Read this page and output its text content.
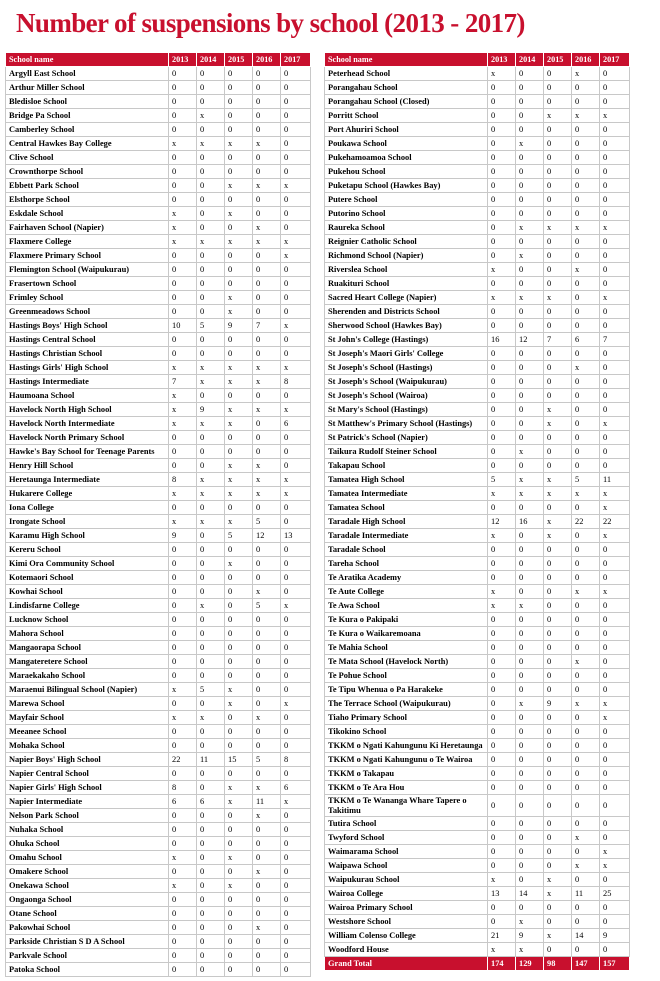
Number of suspensions by school (2013 - 2017)
School name	2013	2014	2015	2016	2017
Argyll East School	0	0	0	0	0
Arthur Miller School	0	0	0	0	0
Bledisloe School	0	0	0	0	0
Bridge Pa School	0	x	0	0	0
Camberley School	0	0	0	0	0
Central Hawkes Bay College	x	x	x	x	0
Clive School	0	0	0	0	0
Crownthorpe School	0	0	0	0	0
Ebbett Park School	0	0	x	x	x
Elsthorpe School	0	0	0	0	0
Eskdale School	x	0	x	0	0
Fairhaven School (Napier)	x	0	0	x	0
Flaxmere College	x	x	x	x	x
Flaxmere Primary School	0	0	0	0	x
Flemington School (Waipukurau)	0	0	0	0	0
Frasertown School	0	0	0	0	0
Frimley School	0	0	x	0	0
Greenmeadows School	0	0	x	0	0
Hastings Boys' High School	10	5	9	7	x
Hastings Central School	0	0	0	0	0
Hastings Christian School	0	0	0	0	0
Hastings Girls' High School	x	x	x	x	x
Hastings Intermediate	7	x	x	x	8
Haumoana School	x	0	0	0	0
Havelock North High School	x	9	x	x	x
Havelock North Intermediate	x	x	x	0	6
Havelock North Primary School	0	0	0	0	0
Hawke's Bay School for Teenage Parents	0	0	0	0	0
Henry Hill School	0	0	x	x	0
Heretaunga Intermediate	8	x	x	x	x
Hukarere College	x	x	x	x	x
Iona College	0	0	0	0	0
Irongate School	x	x	x	5	0
Karamu High School	9	0	5	12	13
Kereru School	0	0	0	0	0
Kimi Ora Community School	0	0	x	0	0
Kotemaori School	0	0	0	0	0
Kowhai School	0	0	0	x	0
Lindisfarne College	0	x	0	5	x
Lucknow School	0	0	0	0	0
Mahora School	0	0	0	0	0
Mangaorapa School	0	0	0	0	0
Mangateretere School	0	0	0	0	0
Maraekakaho School	0	0	0	0	0
Maraenui Bilingual School (Napier)	x	5	x	0	0
Marewa School	0	0	x	0	x
Mayfair School	x	x	0	x	0
Meeanee School	0	0	0	0	0
Mohaka School	0	0	0	0	0
Napier Boys' High School	22	11	15	5	8
Napier Central School	0	0	0	0	0
Napier Girls' High School	8	0	x	x	6
Napier Intermediate	6	6	x	11	x
Nelson Park School	0	0	0	x	0
Nuhaka School	0	0	0	0	0
Ohuka School	0	0	0	0	0
Omahu School	x	0	x	0	0
Omakere School	0	0	0	x	0
Onekawa School	x	0	x	0	0
Ongaonga School	0	0	0	0	0
Otane School	0	0	0	0	0
Pakowhai School	0	0	0	x	0
Parkside Christian S D A School	0	0	0	0	0
Parkvale School	0	0	0	0	0
Patoka School	0	0	0	0	0
School name	2013	2014	2015	2016	2017
Peterhead School	x	0	0	x	0
Porangahau School	0	0	0	0	0
Porangahau School (Closed)	0	0	0	0	0
Porritt School	0	0	x	x	x
Port Ahuriri School	0	0	0	0	0
Poukawa School	0	x	0	0	0
Pukehamoamoa School	0	0	0	0	0
Pukehou School	0	0	0	0	0
Puketapu School (Hawkes Bay)	0	0	0	0	0
Putere School	0	0	0	0	0
Putorino School	0	0	0	0	0
Raureka School	0	x	x	x	x
Reignier Catholic School	0	0	0	0	0
Richmond School (Napier)	0	x	0	0	0
Riverslea School	x	0	0	x	0
Ruakituri School	0	0	0	0	0
Sacred Heart College (Napier)	x	x	x	0	x
Sherenden and Districts School	0	0	0	0	0
Sherwood School (Hawkes Bay)	0	0	0	0	0
St John's College (Hastings)	16	12	7	6	7
St Joseph's Maori Girls' College	0	0	0	0	0
St Joseph's School (Hastings)	0	0	0	x	0
St Joseph's School (Waipukurau)	0	0	0	0	0
St Joseph's School (Wairoa)	0	0	0	0	0
St Mary's School (Hastings)	0	0	x	0	0
St Matthew's Primary School (Hastings)	0	0	x	0	x
St Patrick's School (Napier)	0	0	0	0	0
Taikura Rudolf Steiner School	0	x	0	0	0
Takapau School	0	0	0	0	0
Tamatea High School	5	x	x	5	11
Tamatea Intermediate	x	x	x	x	x
Tamatea School	0	0	0	0	x
Taradale High School	12	16	x	22	22
Taradale Intermediate	x	0	x	0	x
Taradale School	0	0	0	0	0
Tareha School	0	0	0	0	0
Te Aratika Academy	0	0	0	0	0
Te Aute College	x	0	0	x	x
Te Awa School	x	x	0	0	0
Te Kura o Pakipaki	0	0	0	0	0
Te Kura o Waikaremoana	0	0	0	0	0
Te Mahia School	0	0	0	0	0
Te Mata School (Havelock North)	0	0	0	x	0
Te Pohue School	0	0	0	0	0
Te Tipu Whenua o Pa Harakeke	0	0	0	0	0
The Terrace School (Waipukurau)	0	x	9	x	x
Tiaho Primary School	0	0	0	0	x
Tikokino School	0	0	0	0	0
TKKM o Ngati Kahungunu Ki Heretaunga	0	0	0	0	0
TKKM o Ngati Kahungunu o Te Wairoa	0	0	0	0	0
TKKM o Takapau	0	0	0	0	0
TKKM o Te Ara Hou	0	0	0	0	0
TKKM o Te Wananga Whare Tapere o Takitimu	0	0	0	0	0
Tutira School	0	0	0	0	0
Twyford School	0	0	0	x	0
Waimarama School	0	0	0	0	x
Waipawa School	0	0	0	x	x
Waipukurau School	x	0	x	0	0
Wairoa College	13	14	x	11	25
Wairoa Primary School	0	0	0	0	0
Westshore School	0	x	0	0	0
William Colenso College	21	9	x	14	9
Woodford House	x	x	0	0	0
Grand Total	174	129	98	147	157
